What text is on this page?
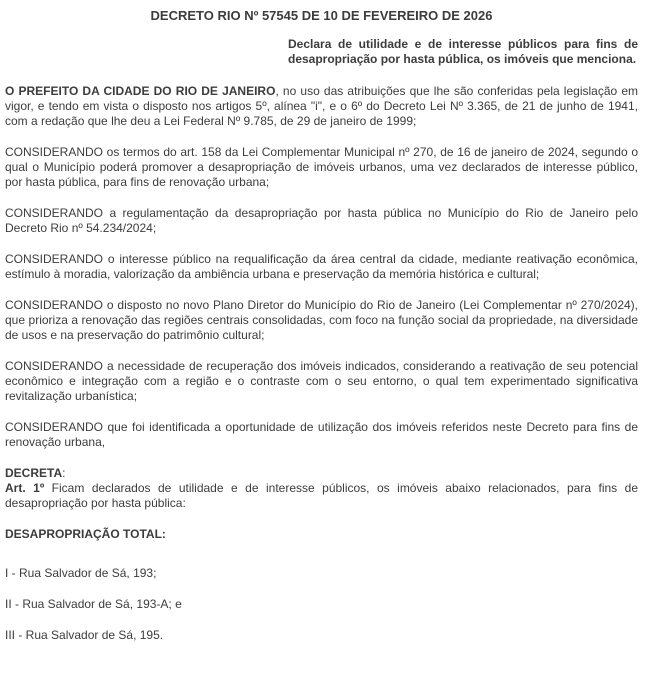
DECRETO RIO Nº 57545 DE 10 DE FEVEREIRO DE 2026

Declara de utilidade e de interesse públicos para fins de desapropriação por hasta pública, os imóveis que menciona.

O PREFEITO DA CIDADE DO RIO DE JANEIRO, no uso das atribuições que lhe são conferidas pela legislação em vigor, e tendo em vista o disposto nos artigos 5º, alínea "i", e o 6º do Decreto Lei Nº 3.365, de 21 de junho de 1941, com a redação que lhe deu a Lei Federal Nº 9.785, de 29 de janeiro de 1999;

CONSIDERANDO os termos do art. 158 da Lei Complementar Municipal nº 270, de 16 de janeiro de 2024, segundo o qual o Município poderá promover a desapropriação de imóveis urbanos, uma vez declarados de interesse público, por hasta pública, para fins de renovação urbana;

CONSIDERANDO a regulamentação da desapropriação por hasta pública no Município do Rio de Janeiro pelo Decreto Rio nº 54.234/2024;

CONSIDERANDO o interesse público na requalificação da área central da cidade, mediante reativação econômica, estímulo à moradia, valorização da ambiência urbana e preservação da memória histórica e cultural;

CONSIDERANDO o disposto no novo Plano Diretor do Município do Rio de Janeiro (Lei Complementar nº 270/2024), que prioriza a renovação das regiões centrais consolidadas, com foco na função social da propriedade, na diversidade de usos e na preservação do patrimônio cultural;

CONSIDERANDO a necessidade de recuperação dos imóveis indicados, considerando a reativação de seu potencial econômico e integração com a região e o contraste com o seu entorno, o qual tem experimentado significativa revitalização urbanística;

CONSIDERANDO que foi identificada a oportunidade de utilização dos imóveis referidos neste Decreto para fins de renovação urbana,

DECRETA:
Art. 1º Ficam declarados de utilidade e de interesse públicos, os imóveis abaixo relacionados, para fins de desapropriação por hasta pública:

DESAPROPRIAÇÃO TOTAL:

I - Rua Salvador de Sá, 193;

II - Rua Salvador de Sá, 193-A; e

III - Rua Salvador de Sá, 195.
